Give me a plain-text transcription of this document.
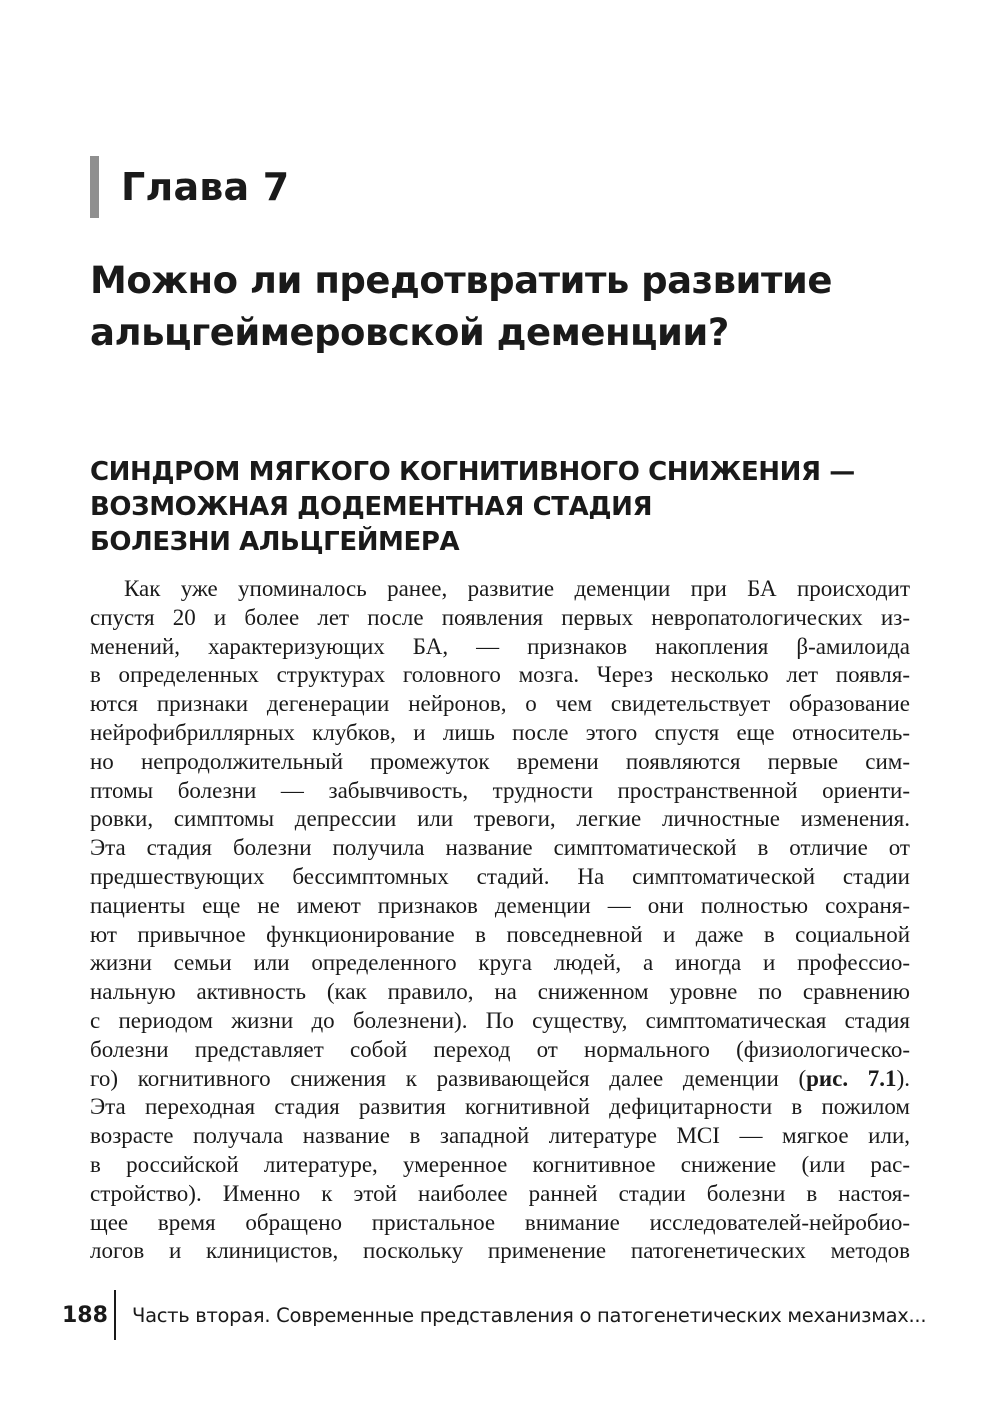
Глава 7
Можно ли предотвратить развитие
альцгеймеровской деменции?
СИНДРОМ МЯГКОГО КОГНИТИВНОГО СНИЖЕНИЯ —
ВОЗМОЖНАЯ ДОДЕМЕНТНАЯ СТАДИЯ
БОЛЕЗНИ АЛЬЦГЕЙМЕРА
Как уже упоминалось ранее, развитие деменции при БА происходит
спустя 20 и более лет после появления первых невропатологических из-
менений, характеризующих БА, — признаков накопления β-амилоида
в определенных структурах головного мозга. Через несколько лет появля-
ются признаки дегенерации нейронов, о чем свидетельствует образование
нейрофибриллярных клубков, и лишь после этого спустя еще относитель-
но непродолжительный промежуток времени появляются первые сим-
птомы болезни — забывчивость, трудности пространственной ориенти-
ровки, симптомы депрессии или тревоги, легкие личностные изменения.
Эта стадия болезни получила название симптоматической в отличие от
предшествующих бессимптомных стадий. На симптоматической стадии
пациенты еще не имеют признаков деменции — они полностью сохраня-
ют привычное функционирование в повседневной и даже в социальной
жизни семьи или определенного круга людей, а иногда и профессио-
нальную активность (как правило, на сниженном уровне по сравнению
с периодом жизни до болезнени). По существу, симптоматическая стадия
болезни представляет собой переход от нормального (физиологическо-
го) когнитивного снижения к развивающейся далее деменции (рис. 7.1).
Эта переходная стадия развития когнитивной дефицитарности в пожилом
возрасте получала название в западной литературе MCI — мягкое или,
в российской литературе, умеренное когнитивное снижение (или рас-
стройство). Именно к этой наиболее ранней стадии болезни в настоя-
щее время обращено пристальное внимание исследователей-нейробио-
логов и клиницистов, поскольку применение патогенетических методов
188 Часть вторая. Современные представления о патогенетических механизмах...
